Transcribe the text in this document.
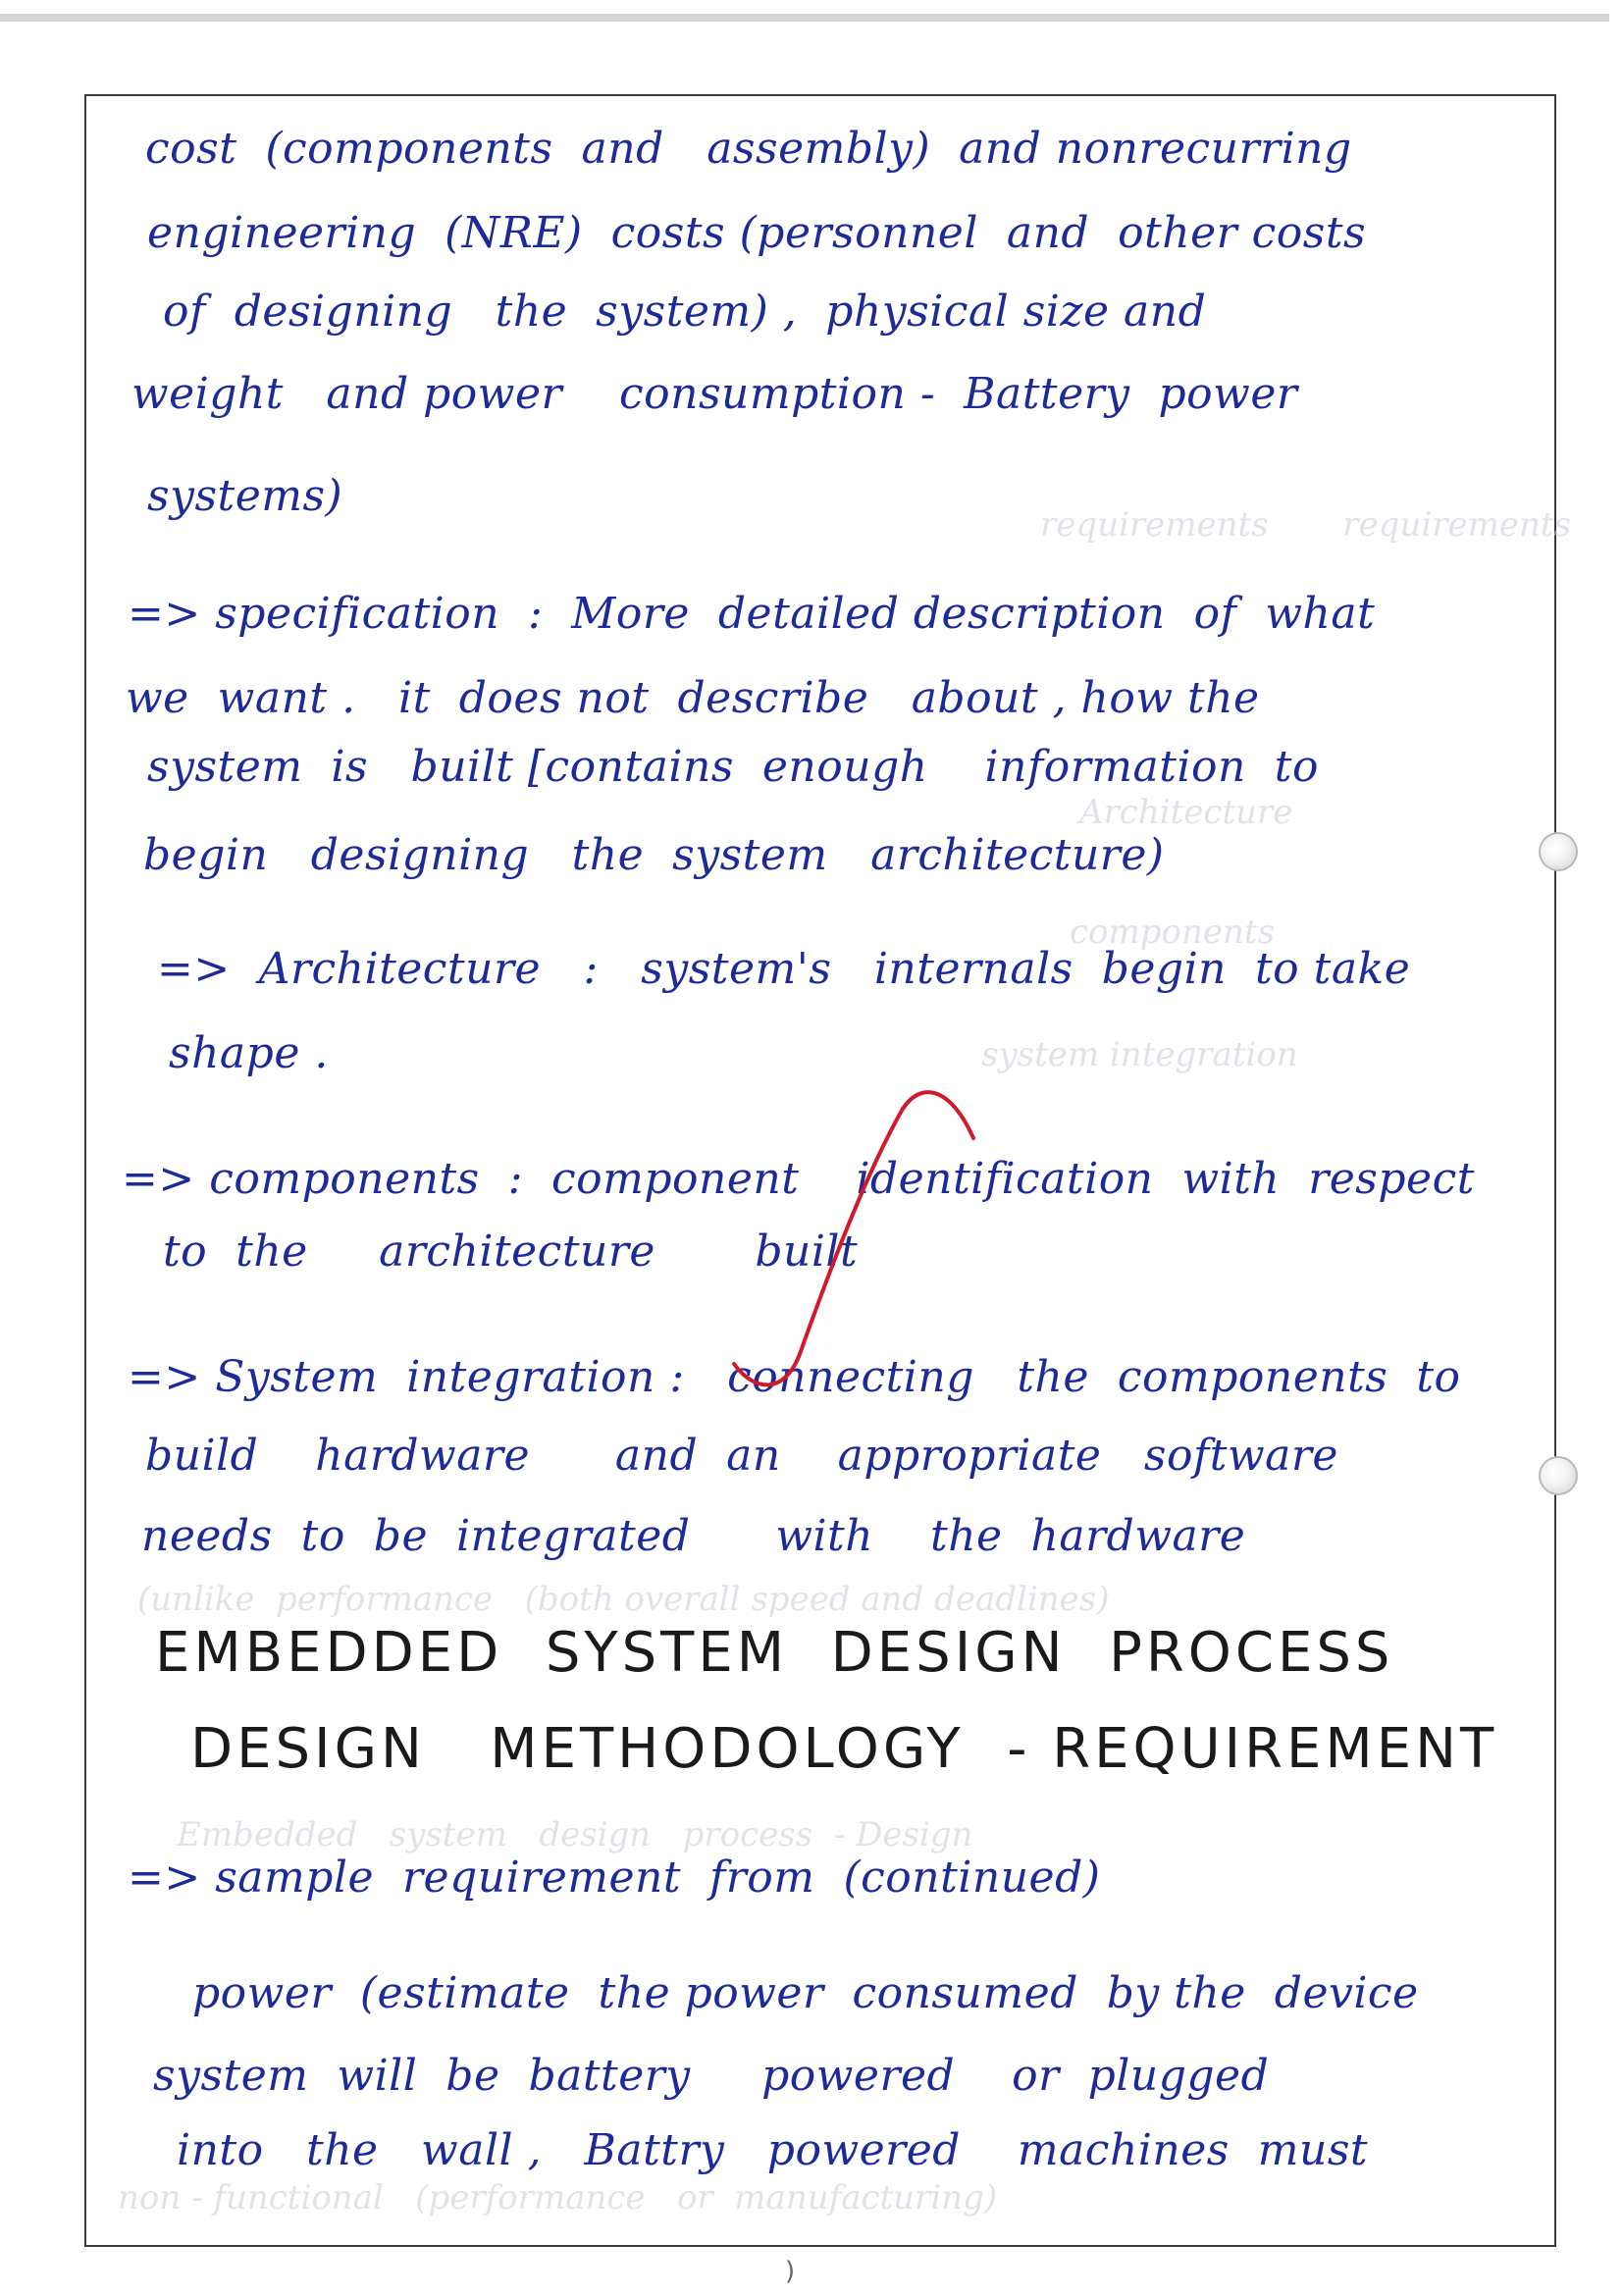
requirements       requirements
Architecture
components
system integration
(unlike  performance   (both overall speed and deadlines)
Embedded   system   design   process  - Design
non - functional   (performance   or  manufacturing)

cost  (components  and   assembly)  and nonrecurring

engineering  (NRE)  costs (personnel  and  other costs

of  designing   the  system) ,  physical size and

weight   and power    consumption -  Battery  power

systems)

=> specification  :  More  detailed description  of  what

we  want .   it  does not  describe   about , how the

system  is   built [contains  enough    information  to

begin   designing   the  system   architecture)

=>  Architecture   :   system's   internals  begin  to take

shape .

=> components  :  component    identification  with  respect

to  the     architecture       built

=> System  integration :   connecting   the  components  to

build    hardware      and  an    appropriate   software

needs  to  be  integrated      with    the  hardware

EMBEDDED  SYSTEM  DESIGN  PROCESS
DESIGN   METHODOLOGY  - REQUIREMENT

=> sample  requirement  from  (continued)

power  (estimate  the power  consumed  by the  device

system  will  be  battery     powered    or  plugged

into   the   wall ,   Battry   powered    machines  must

)
